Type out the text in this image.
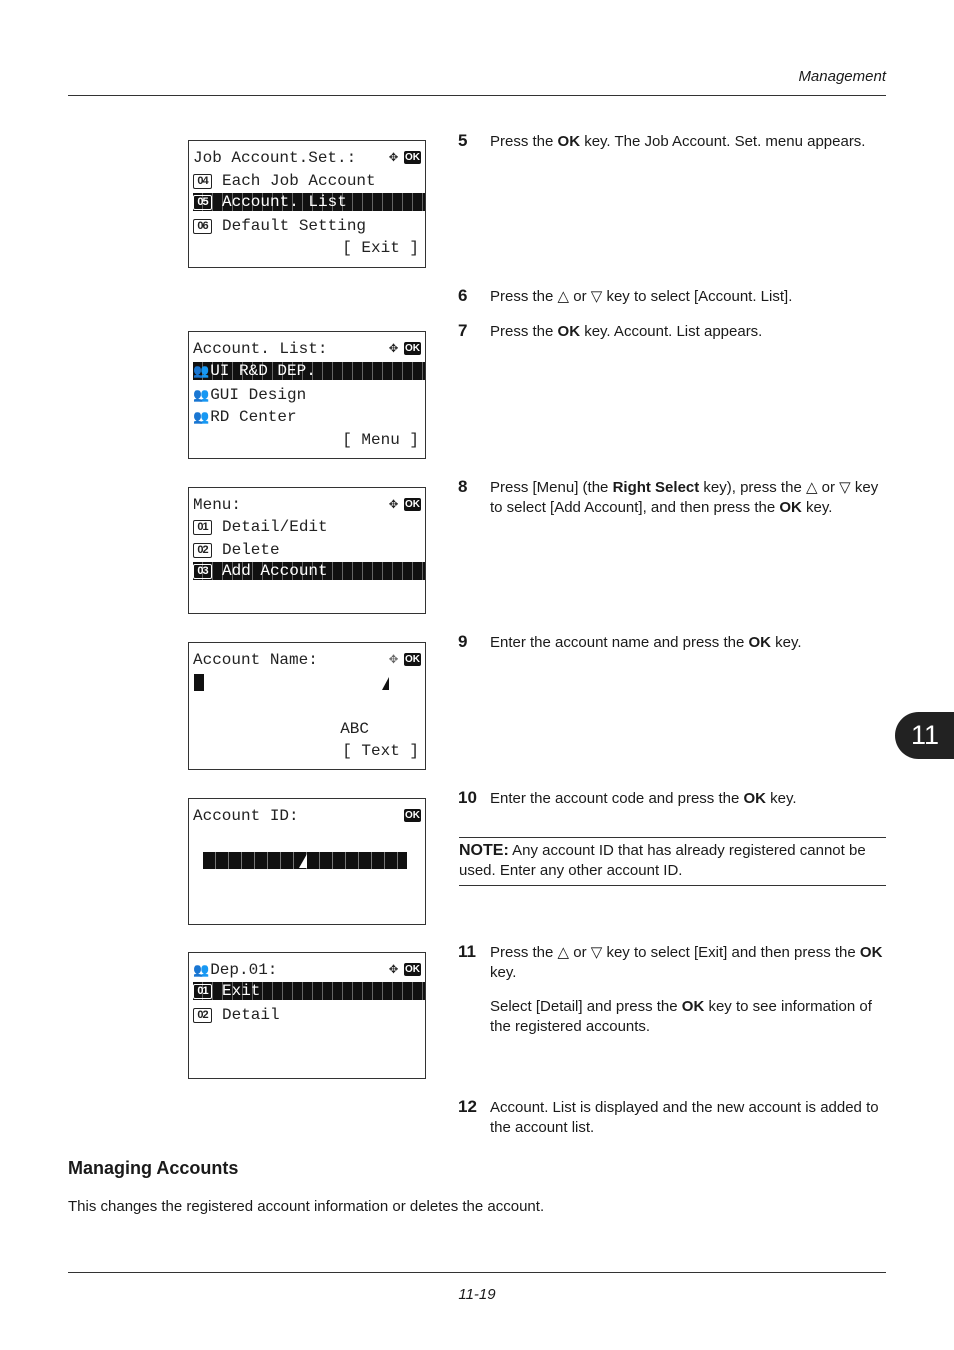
Management
Job Account.Set.: ✥ OK
04 Each Job Account
05 Account. List
06 Default Setting
[ Exit ]
Account. List:	✥ OK
👥UI R&D DEP.
👥GUI Design
👥RD Center
[ Menu ]
Menu:	✥ OK
01 Detail/Edit
02 Delete
03 Add Account
Account Name:	✥ OK
ABC
[ Text ]
Account ID:	OK
👥Dep.01:	✥ OK
01 Exit
02 Detail
5 Press the OK key. The Job Account. Set. menu appears.
6 Press the △ or ▽ key to select [Account. List].
7 Press the OK key. Account. List appears.
8 Press [Menu] (the Right Select key), press the △ or ▽ key to select [Add Account], and then press the OK key.
9 Enter the account name and press the OK key.
10 Enter the account code and press the OK key.
NOTE: Any account ID that has already registered cannot be used. Enter any other account ID.
11 Press the △ or ▽ key to select [Exit] and then press the OK key.
Select [Detail] and press the OK key to see information of the registered accounts.
12 Account. List is displayed and the new account is added to the account list.
11
Managing Accounts
This changes the registered account information or deletes the account.
11-19
